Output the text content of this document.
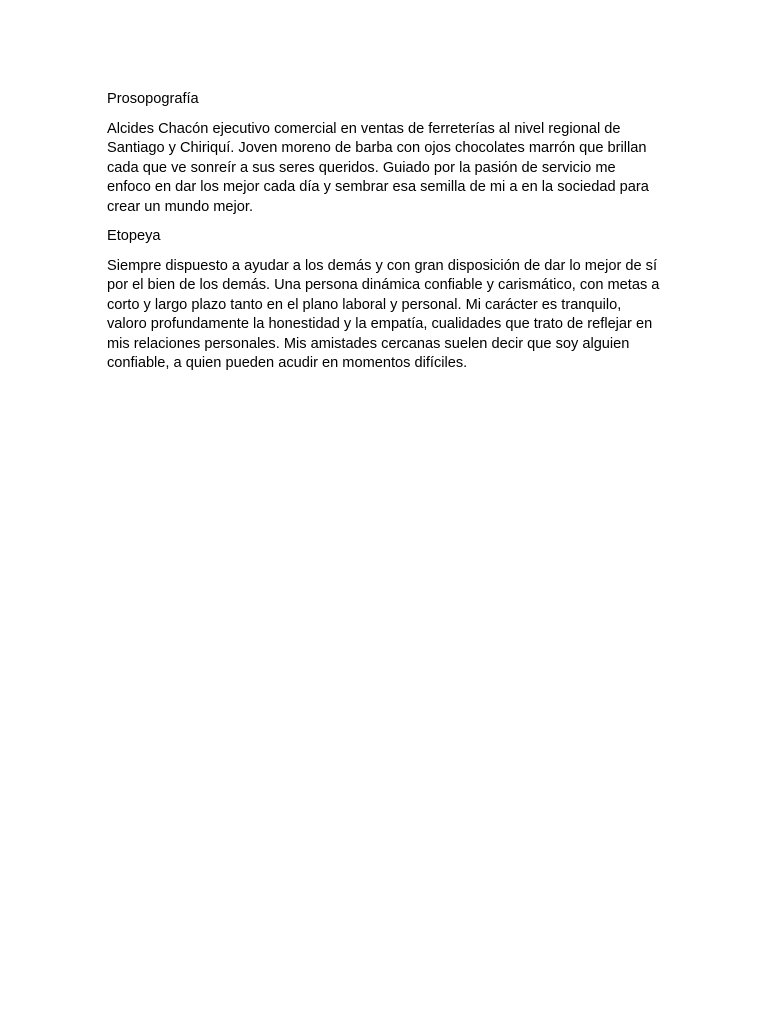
Prosopografía
Alcides Chacón ejecutivo comercial en ventas de ferreterías al nivel regional de Santiago y Chiriquí. Joven moreno de barba con ojos chocolates marrón que brillan cada que ve sonreír a sus seres queridos. Guiado por la pasión de servicio me enfoco en dar los mejor cada día y sembrar esa semilla de mi a en la sociedad para crear un mundo mejor.
Etopeya
Siempre dispuesto a ayudar a los demás y con gran disposición de dar lo mejor de sí por el bien de los demás. Una persona dinámica confiable y carismático, con metas a corto y largo plazo tanto en el plano laboral y personal. Mi carácter es tranquilo, valoro profundamente la honestidad y la empatía, cualidades que trato de reflejar en mis relaciones personales. Mis amistades cercanas suelen decir que soy alguien confiable, a quien pueden acudir en momentos difíciles.
